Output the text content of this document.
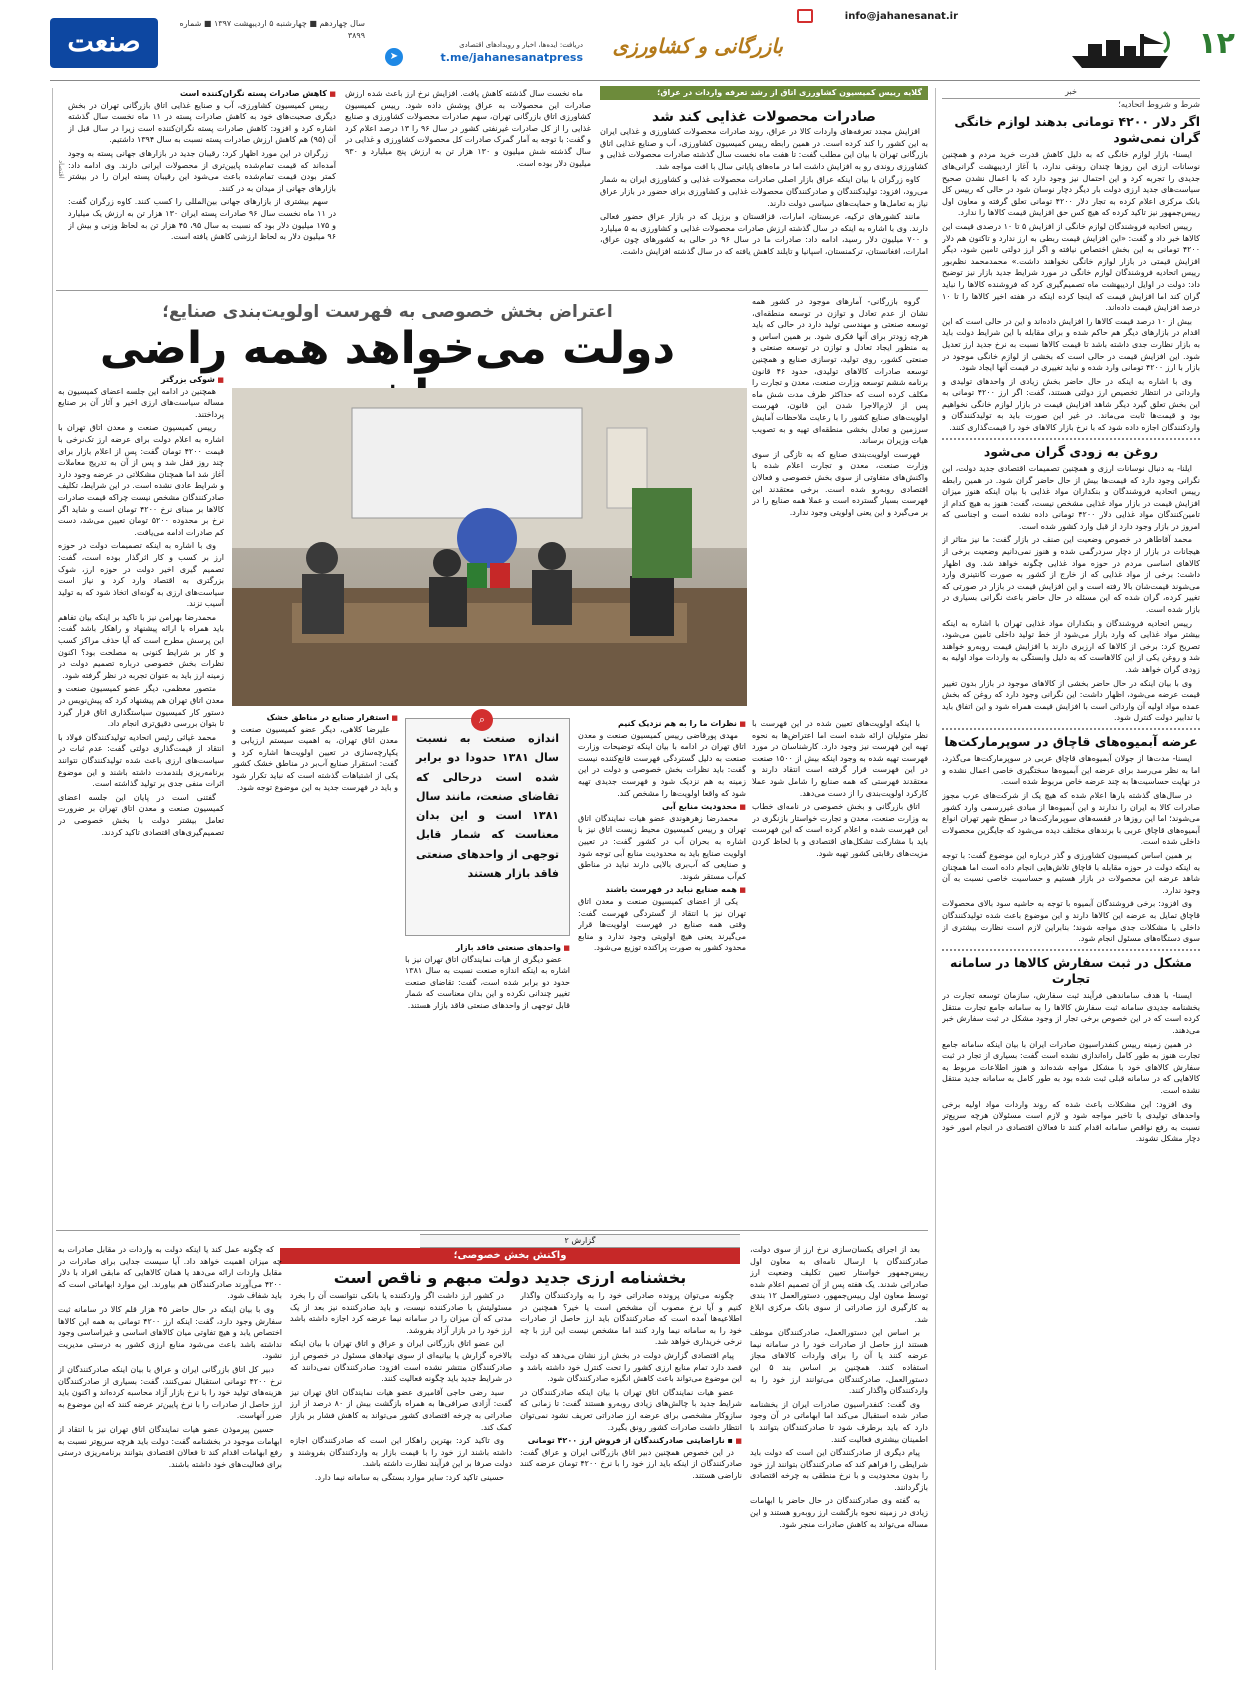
۱۲
info@jahanesanat.ir
بازرگانی و کشاورزی
دریافت: ایده‌ها، اخبار و رویدادهای اقتصادی
t.me/jahanesanatpress
➤
سال چهاردهم ■ چهارشنبه ۵ اردیبهشت ۱۳۹۷ ■ شماره ۳۸۹۹
صنعت
خبر
شرط و شروط اتحادیه؛
اگر دلار ۴۲۰۰ تومانی بدهند لوازم خانگی گران نمی‌شود

ایسنا- بازار لوازم خانگی که به دلیل کاهش قدرت خرید مردم و همچنین نوسانات ارزی این روزها چندان رونقی ندارد، با آغاز اردیبهشت گرانی‌های جدیدی را تجربه کرد و این احتمال نیز وجود دارد که با اعمال نشدن صحیح سیاست‌های جدید ارزی دولت بار دیگر دچار نوسان شود در حالی که رییس کل بانک مرکزی اعلام کرده به تجار دلار ۴۲۰۰ تومانی تعلق گرفته و معاون اول رییس‌جمهور نیز تاکید کرده که هیچ کس حق افزایش قیمت کالاها را ندارد.

رییس اتحادیه فروشندگان لوازم خانگی از افزایش ۵ تا ۱۰ درصدی قیمت این کالاها خبر داد و گفت: «این افزایش قیمت ربطی به ارز ندارد و تاکنون هم دلار ۴۲۰۰ تومانی به این بخش اختصاص نیافته و اگر ارز دولتی تامین شود، دیگر افزایش قیمتی در بازار لوازم خانگی نخواهند داشت.» محمدمحمد نظم‌بور رییس اتحادیه فروشندگان لوازم خانگی در مورد شرایط جدید بازار نیز توضیح داد: دولت در اوایل اردیبهشت ماه تصمیم‌گیری کرد که فروشنده کالاها را نباید گران کند اما افزایش قیمت که اینجا کرده اینکه در هفته اخیر کالاها را تا ۱۰ درصد افزایش قیمت داده‌اند.

بیش از ۱۰ درصد قیمت کالاها را افزایش داده‌اند و این در حالی است که این اقدام در بازارهای دیگر هم حاکم شده و برای مقابله با این شرایط دولت باید به بازار نظارت جدی داشته باشد تا قیمت کالاها نسبت به نرخ جدید ارز تعدیل شود. این افزایش قیمت در حالی است که بخشی از لوازم خانگی موجود در بازار با ارز ۴۲۰۰ تومانی وارد شده و نباید تغییری در قیمت آنها ایجاد شود.

وی با اشاره به اینکه در حال حاضر بخش زیادی از واحدهای تولیدی و وارداتی در انتظار تخصیص ارز دولتی هستند، گفت: اگر ارز ۴۲۰۰ تومانی به این بخش تعلق گیرد دیگر شاهد افزایش قیمت در بازار لوازم خانگی نخواهیم بود و قیمت‌ها ثابت می‌ماند. در غیر این صورت باید به تولیدکنندگان و واردکنندگان اجازه داده شود که با نرخ بازار کالاهای خود را قیمت‌گذاری کنند.

روغن به زودی گران می‌شود

ایلنا- به دنبال نوسانات ارزی و همچنین تصمیمات اقتصادی جدید دولت، این نگرانی وجود دارد که قیمت‌ها بیش از حال حاضر گران شود. در همین رابطه رییس اتحادیه فروشندگان و بنکداران مواد غذایی با بیان اینکه هنوز میزان افزایش قیمت در بازار مواد غذایی مشخص نیست، گفت: هنوز به هیچ کدام از تامین‌کنندگان مواد غذایی دلار ۴۲۰۰ تومانی داده نشده است و اجناسی که امروز در بازار وجود دارد از قبل وارد کشور شده است.

محمد آقاطاهر در خصوص وضعیت این صنف در بازار گفت: ما نیز متاثر از هیجانات در بازار از دچار سردرگمی شده و هنوز نمی‌دانیم وضعیت برخی از کالاهای اساسی مردم در حوزه مواد غذایی چگونه خواهد شد. وی اظهار داشت: برخی از مواد غذایی که از خارج از کشور به صورت کانتینری وارد می‌شوند قیمت‌شان بالا رفته است و این افزایش قیمت در بازار در صورتی که تغییر کرده، گران شده که این مسئله در حال حاضر باعث نگرانی بسیاری در بازار شده است.

رییس اتحادیه فروشندگان و بنکداران مواد غذایی تهران با اشاره به اینکه بیشتر مواد غذایی که وارد بازار می‌شود از خط تولید داخلی تامین می‌شود، تصریح کرد: برخی از کالاها که ارزبری دارند با افزایش قیمت روبه‌رو خواهند شد و روغن یکی از این کالاهاست که به دلیل وابستگی به واردات مواد اولیه به زودی گران خواهد شد.

وی با بیان اینکه در حال حاضر بخشی از کالاهای موجود در بازار بدون تغییر قیمت عرضه می‌شود، اظهار داشت: این نگرانی وجود دارد که روغن که بخش عمده مواد اولیه آن وارداتی است با افزایش قیمت همراه شود و این اتفاق باید با تدابیر دولت کنترل شود.

عرضه آبمیوه‌های قاچاق در سوپرمارکت‌ها

ایسنا- مدت‌ها از جولان آبمیوه‌های قاچاق عربی در سوپرمارکت‌ها می‌گذرد، اما به نظر می‌رسد برای عرضه این آبمیوه‌ها سختگیری خاصی اعمال نشده و در نهایت حساسیت‌ها به چند عرضه خاص مربوط شده است.

در سال‌های گذشته بارها اعلام شده که هیچ یک از شرکت‌های عرب مجوز صادرات کالا به ایران را ندارند و این آبمیوه‌ها از مبادی غیررسمی وارد کشور می‌شوند؛ اما این روزها در قفسه‌های سوپرمارکت‌ها در سطح شهر تهران انواع آبمیوه‌های قاچاق عربی با برندهای مختلف دیده می‌شود که جایگزین محصولات داخلی شده است.

بر همین اساس کمیسیون کشاورزی و گذر درباره این موضوع گفت: با توجه به اینکه دولت در حوزه مقابله با قاچاق تلاش‌هایی انجام داده است اما همچنان شاهد عرضه این محصولات در بازار هستیم و حساسیت خاصی نسبت به آن وجود ندارد.

وی افزود: برخی فروشندگان آبمیوه با توجه به حاشیه سود بالای محصولات قاچاق تمایل به عرضه این کالاها دارند و این موضوع باعث شده تولیدکنندگان داخلی با مشکلات جدی مواجه شوند؛ بنابراین لازم است نظارت بیشتری از سوی دستگاه‌های مسئول انجام شود.

مشکل در ثبت سفارش کالاها در سامانه تجارت

ایسنا- با هدف ساماندهی فرآیند ثبت سفارش، سازمان توسعه تجارت در بخشنامه جدیدی سامانه ثبت سفارش کالاها را به سامانه جامع تجارت منتقل کرده است که در این خصوص برخی تجار از وجود مشکل در ثبت سفارش خبر می‌دهند.

در همین زمینه رییس کنفدراسیون صادرات ایران با بیان اینکه سامانه جامع تجارت هنوز به طور کامل راه‌اندازی نشده است گفت: بسیاری از تجار در ثبت سفارش کالاهای خود با مشکل مواجه شده‌اند و هنوز اطلاعات مربوط به کالاهایی که در سامانه قبلی ثبت شده بود به طور کامل به سامانه جدید منتقل نشده است.

وی افزود: این مشکلات باعث شده که روند واردات مواد اولیه برخی واحدهای تولیدی با تاخیر مواجه شود و لازم است مسئولان هرچه سریع‌تر نسبت به رفع نواقص سامانه اقدام کنند تا فعالان اقتصادی در انجام امور خود دچار مشکل نشوند.

گلایه رییس کمیسیون کشاورزی اتاق از رشد تعرفه واردات در عراق؛
صادرات محصولات غذایی کند شد

افزایش مجدد تعرفه‌های واردات کالا در عراق، روند صادرات محصولات کشاورزی و غذایی ایران به این کشور را کند کرده است. در همین رابطه رییس کمیسیون کشاورزی، آب و صنایع غذایی اتاق بازرگانی تهران با بیان این مطلب گفت: تا هفت ماه نخست سال گذشته صادرات محصولات غذایی و کشاورزی روندی رو به افزایش داشت اما در ماه‌های پایانی سال با افت مواجه شد.

کاوه زرگران با بیان اینکه عراق بازار اصلی صادرات محصولات غذایی و کشاورزی ایران به شمار می‌رود، افزود: تولیدکنندگان و صادرکنندگان محصولات غذایی و کشاورزی برای حضور در بازار عراق نیاز به تعامل‌ها و حمایت‌های سیاسی دولت دارند.

مانند کشورهای ترکیه، عربستان، امارات، قزاقستان و برزیل که در بازار عراق حضور فعالی دارند. وی با اشاره به اینکه در سال گذشته ارزش صادرات محصولات غذایی و کشاورزی به ۵ میلیارد و ۷۰۰ میلیون دلار رسید، ادامه داد: صادرات ما در سال ۹۶ در حالی به کشورهای چون عراق، امارات، افغانستان، ترکمنستان، اسپانیا و تایلند کاهش یافته که در سال گذشته افزایش داشت.

ماه نخست سال گذشته کاهش یافت. افزایش نرخ ارز باعث شده ارزش صادرات این محصولات به عراق پوشش داده شود. رییس کمیسیون کشاورزی اتاق بازرگانی تهران، سهم صادرات محصولات کشاورزی و صنایع غذایی را از کل صادرات غیرنفتی کشور در سال ۹۶ را ۱۳ درصد اعلام کرد و گفت: با توجه به آمار گمرک صادرات کل محصولات کشاورزی و غذایی در سال گذشته شش میلیون و ۱۳۰ هزار تن به ارزش پنج میلیارد و ۹۳۰ میلیون دلار بوده است.

■ کاهش صادرات پسته نگران‌کننده است

رییس کمیسیون کشاورزی، آب و صنایع غذایی اتاق بازرگانی تهران در بخش دیگری صحبت‌های خود به کاهش صادرات پسته در ۱۱ ماه نخست سال گذشته اشاره کرد و افزود: کاهش صادرات پسته نگران‌کننده است زیرا در سال قبل از آن (۹۵) هم کاهش ارزش صادرات پسته نسبت به سال ۱۳۹۴ داشتیم.

زرگران در این مورد اظهار کرد: رقیبان جدید در بازارهای جهانی پسته به وجود آمده‌اند که قیمت تمام‌شده پایین‌تری از محصولات ایرانی دارند. وی ادامه داد: کمتر بودن قیمت تمام‌شده باعث می‌شود این رقیبان پسته ایران را در بیشتر بازارهای جهانی از میدان به در کنند.

سهم بیشتری از بازارهای جهانی بین‌المللی را کسب کنند. کاوه زرگران گفت: در ۱۱ ماه نخست سال ۹۶ صادرات پسته ایران ۱۳۰ هزار تن به ارزش یک میلیارد و ۱۷۵ میلیون دلار بود که نسبت به سال ۹۵، ۴۵ هزار تن به لحاظ وزنی و بیش از ۹۶ میلیون دلار به لحاظ ارزشی کاهش یافته است.

اقتصاد
اعتراض بخش خصوصی به فهرست اولویت‌بندی صنایع؛
دولت می‌خواهد همه راضی

گروه بازرگانی- آمارهای موجود در کشور همه نشان از عدم تعادل و توازن در توسعه منطقه‌ای، توسعه صنعتی و مهندسی تولید دارد در حالی که باید هرچه زودتر برای آنها فکری شود. بر همین اساس و به منظور ایجاد تعادل و توازن در توسعه صنعتی و صنعتی کشور، روی تولید، توسازی صنایع و همچنین توسعه صادرات کالاهای تولیدی، حدود ۴۶ قانون برنامه ششم توسعه وزارت صنعت، معدن و تجارت را مکلف کرده است که حداکثر ظرف مدت شش ماه پس از لازم‌الاجرا شدن این قانون، فهرست اولویت‌های صنایع کشور را با رعایت ملاحظات آمایش سرزمین و تعادل بخشی منطقه‌ای تهیه و به تصویب هیات وزیران برساند.

فهرست اولویت‌بندی صنایع که به تازگی از سوی وزارت صنعت، معدن و تجارت اعلام شده با واکنش‌های متفاوتی از سوی بخش خصوصی و فعالان اقتصادی روبه‌رو شده است. برخی معتقدند این فهرست بسیار گسترده است و عملا همه صنایع را در بر می‌گیرد و این یعنی اولویتی وجود ندارد.

با اینکه اولویت‌های تعیین شده در این فهرست با نظر متولیان ارائه شده است اما اعتراض‌ها به نحوه تهیه این فهرست نیز وجود دارد. کارشناسان در مورد فهرست تهیه شده به وجود اینکه بیش از ۱۵۰۰ صنعت در این فهرست قرار گرفته است انتقاد دارند و معتقدند فهرستی که همه صنایع را شامل شود عملا کارکرد اولویت‌بندی را از دست می‌دهد.

اتاق بازرگانی و بخش خصوصی در نامه‌ای خطاب به وزارت صنعت، معدن و تجارت خواستار بازنگری در این فهرست شده و اعلام کرده است که این فهرست باید با مشارکت تشکل‌های اقتصادی و با لحاظ کردن مزیت‌های رقابتی کشور تهیه شود.

■ نظرات ما را به هم نزدیک کنیم

مهدی پورقاضی رییس کمیسیون صنعت و معدن اتاق تهران در ادامه با بیان اینکه توضیحات وزارت صنعت به دلیل گستردگی فهرست قانع‌کننده نیست گفت: باید نظرات بخش خصوصی و دولت در این زمینه به هم نزدیک شود و فهرست جدیدی تهیه شود که واقعا اولویت‌ها را مشخص کند.

■ محدودیت منابع آبی

محمدرضا زهرهوندی عضو هیات نمایندگان اتاق تهران و رییس کمیسیون محیط زیست اتاق نیز با اشاره به بحران آب در کشور گفت: در تعیین اولویت صنایع باید به محدودیت منابع آبی توجه شود و صنایعی که آب‌بری بالایی دارند نباید در مناطق کم‌آب مستقر شوند.

■ همه صنایع نباید در فهرست باشند

یکی از اعضای کمیسیون صنعت و معدن اتاق تهران نیز با انتقاد از گستردگی فهرست گفت: وقتی همه صنایع در فهرست اولویت‌ها قرار می‌گیرند یعنی هیچ اولویتی وجود ندارد و منابع محدود کشور به صورت پراکنده توزیع می‌شود.

⌕
اندازه صنعت به نسبت سال ۱۳۸۱ حدودا دو برابر شده است درحالی که تقاضای صنعت، مانند سال ۱۳۸۱ است و این بدان معناست که شمار قابل توجهی از واحدهای صنعتی فاقد بازار هستند
■ واحدهای صنعتی فاقد بازار

عضو دیگری از هیات نمایندگان اتاق تهران نیز با اشاره به اینکه اندازه صنعت نسبت به سال ۱۳۸۱ حدود دو برابر شده است، گفت: تقاضای صنعت تغییر چندانی نکرده و این بدان معناست که شمار قابل توجهی از واحدهای صنعتی فاقد بازار هستند.

■ استقرار صنایع در مناطق خشک

علیرضا کلاهی، دیگر عضو کمیسیون صنعت و معدن اتاق تهران، به اهمیت سیستم ارزیابی و یکپارچه‌سازی در تعیین اولویت‌ها اشاره کرد و گفت: استقرار صنایع آب‌بر در مناطق خشک کشور یکی از اشتباهات گذشته است که نباید تکرار شود و باید در فهرست جدید به این موضوع توجه شود.

■ شوکی بزرگتر

همچنین در ادامه این جلسه اعضای کمیسیون به مساله سیاست‌های ارزی اخیر و آثار آن بر صنایع پرداختند.

رییس کمیسیون صنعت و معدن اتاق تهران با اشاره به اعلام دولت برای عرضه ارز تک‌نرخی با قیمت ۴۲۰۰ تومان گفت: پس از اعلام بازار برای چند روز قفل شد و پس از آن به تدریج معاملات آغاز شد اما همچنان مشکلاتی در عرضه وجود دارد و شرایط عادی نشده است. در این شرایط، تکلیف صادرکنندگان مشخص نیست چراکه قیمت صادرات کالاها بر مبنای نرخ ۴۲۰۰ تومان است و شاید اگر نرخ بر محدوده ۵۲۰۰ تومان تعیین می‌شد، دست کم صادرات ادامه می‌یافت.

وی با اشاره به اینکه تصمیمات دولت در حوزه ارز بر کسب و کار اثرگذار بوده است، گفت: تصمیم گیری اخیر دولت در حوزه ارز، شوک بزرگتری به اقتصاد وارد کرد و نیاز است سیاست‌های ارزی به گونه‌ای اتخاذ شود که به تولید آسیب نزند.

محمدرضا بهرامن نیز با تاکید بر اینکه بیان تفاهم باید همراه با ارائه پیشنهاد و راهکار باشد گفت: این پرسش مطرح است که آیا حذف مراکز کسب و کار بر شرایط کنونی به مصلحت بود؟ اکنون نظرات بخش خصوصی درباره تصمیم دولت در زمینه ارز باید به عنوان تجربه در نظر گرفته شود.

متصور معظمی، دیگر عضو کمیسیون صنعت و معدن اتاق تهران هم پیشنهاد کرد که پیش‌نویس در دستور کار کمیسیون سیاستگذاری اتاق قرار گیرد تا بتوان بررسی دقیق‌تری انجام داد.

محمد غیاثی رئیس اتحادیه تولیدکنندگان فولاد با انتقاد از قیمت‌گذاری دولتی گفت: عدم ثبات در سیاست‌های ارزی باعث شده تولیدکنندگان نتوانند برنامه‌ریزی بلندمدت داشته باشند و این موضوع اثرات منفی جدی بر تولید گذاشته است.

گفتنی است در پایان این جلسه اعضای کمیسیون صنعت و معدن اتاق تهران بر ضرورت تعامل بیشتر دولت با بخش خصوصی در تصمیم‌گیری‌های اقتصادی تاکید کردند.

گزارش ۲
واکنش بخش خصوصی؛
بخشنامه ارزی جدید دولت مبهم و ناقص است

بعد از اجرای یکسان‌سازی نرخ ارز از سوی دولت، صادرکنندگان با ارسال نامه‌ای به معاون اول رییس‌جمهور خواستار تعیین تکلیف وضعیت ارز صادراتی شدند. یک هفته پس از آن تصمیم اعلام شده توسط معاون اول رییس‌جمهور، دستورالعمل ۱۲ بندی به کارگیری ارز صادراتی از سوی بانک مرکزی ابلاغ شد.

بر اساس این دستورالعمل، صادرکنندگان موظف هستند ارز حاصل از صادرات خود را در سامانه نیما عرضه کنند یا آن را برای واردات کالاهای مجاز استفاده کنند. همچنین بر اساس بند ۵ این دستورالعمل، صادرکنندگان می‌توانند ارز خود را به واردکنندگان واگذار کنند.

وی گفت: کنفدراسیون صادرات ایران از بخشنامه صادر شده استقبال می‌کند اما ابهاماتی در آن وجود دارد که باید برطرف شود تا صادرکنندگان بتوانند با اطمینان بیشتری فعالیت کنند.

پیام دیگری از صادرکنندگان این است که دولت باید شرایطی را فراهم کند که صادرکنندگان بتوانند ارز خود را بدون محدودیت و با نرخ منطقی به چرخه اقتصادی بازگردانند.

به گفته وی صادرکنندگان در حال حاضر با ابهامات زیادی در زمینه نحوه بازگشت ارز روبه‌رو هستند و این مساله می‌تواند به کاهش صادرات منجر شود.

چگونه می‌توان پرونده صادراتی خود را به واردکنندگان واگذار کنیم و آیا نرخ مصوب آن مشخص است یا خیر؟ همچنین در اطلاعیه‌ها آمده است که صادرکنندگان باید ارز حاصل از صادرات خود را به سامانه نیما وارد کنند اما مشخص نیست این ارز با چه نرخی خریداری خواهد شد.

پیام اقتصادی گزارش دولت در بخش ارز نشان می‌دهد که دولت قصد دارد تمام منابع ارزی کشور را تحت کنترل خود داشته باشد و این موضوع می‌تواند باعث کاهش انگیزه صادرکنندگان شود.

عضو هیات نمایندگان اتاق تهران با بیان اینکه صادرکنندگان در شرایط جدید با چالش‌های زیادی روبه‌رو هستند گفت: تا زمانی که سازوکار مشخصی برای عرضه ارز صادراتی تعریف نشود نمی‌توان انتظار داشت صادرات کشور رونق بگیرد.

■ ▪ ناراضایتی صادرکنندگان از فروش ارز ۴۲۰۰ تومانی

در این خصوص همچنین دبیر اتاق بازرگانی ایران و عراق گفت: صادرکنندگان از اینکه باید ارز خود را با نرخ ۴۲۰۰ تومان عرضه کنند ناراضی هستند.

در کشور ارز داشت اگر واردکننده یا بانکی نتوانست آن را بخرد مسئولیتش با صادرکننده نیست، و باید صادرکننده نیز بعد از یک مدتی که آن میزان را در سامانه نیما عرضه کرد اجازه داشته باشد ارز خود را در بازار آزاد بفروشد.

این عضو اتاق بازرگانی ایران و عراق و اتاق تهران با بیان اینکه بالاخره گزارش یا بیانیه‌ای از سوی نهادهای مسئول در خصوص ارز صادرکنندگان منتشر نشده است افزود: صادرکنندگان نمی‌دانند که در شرایط جدید باید چگونه فعالیت کنند.

سید رضی حاجی آقامیری عضو هیات نمایندگان اتاق تهران نیز گفت: آزادی صرافی‌ها به همراه بازگشت بیش از ۸۰ درصد از ارز صادراتی به چرخه اقتصادی کشور می‌تواند به کاهش فشار بر بازار کمک کند.

وی تاکید کرد: بهترین راهکار این است که صادرکنندگان اجازه داشته باشند ارز خود را با قیمت بازار به واردکنندگان بفروشند و دولت صرفا بر این فرآیند نظارت داشته باشد.

حسینی تاکید کرد: سایر موارد بستگی به سامانه نیما دارد.

که چگونه عمل کند یا اینکه دولت به واردات در مقابل صادرات به چه میزان اهمیت خواهد داد. آیا سیست جدایی برای صادرات در مقابل واردات ارائه می‌دهد یا همان کالاهایی که مابقی افراد با دلار ۴۲۰۰ می‌آورند صادرکنندگان هم بیاورند. این موارد ابهاماتی است که باید شفاف شود.

وی با بیان اینکه در حال حاضر ۴۵ هزار قلم کالا در سامانه ثبت سفارش وجود دارد، گفت: اینکه ارز ۴۲۰۰ تومانی به همه این کالاها اختصاص یابد و هیچ تفاوتی میان کالاهای اساسی و غیراساسی وجود نداشته باشد باعث می‌شود منابع ارزی کشور به درستی مدیریت نشود.

دبیر کل اتاق بازرگانی ایران و عراق با بیان اینکه صادرکنندگان از نرخ ۴۲۰۰ تومانی استقبال نمی‌کنند، گفت: بسیاری از صادرکنندگان هزینه‌های تولید خود را با نرخ بازار آزاد محاسبه کرده‌اند و اکنون باید ارز حاصل از صادرات را با نرخ پایین‌تر عرضه کنند که این موضوع به ضرر آنهاست.

حسین پیرموذن عضو هیات نمایندگان اتاق تهران نیز با انتقاد از ابهامات موجود در بخشنامه گفت: دولت باید هرچه سریع‌تر نسبت به رفع ابهامات اقدام کند تا فعالان اقتصادی بتوانند برنامه‌ریزی درستی برای فعالیت‌های خود داشته باشند.
